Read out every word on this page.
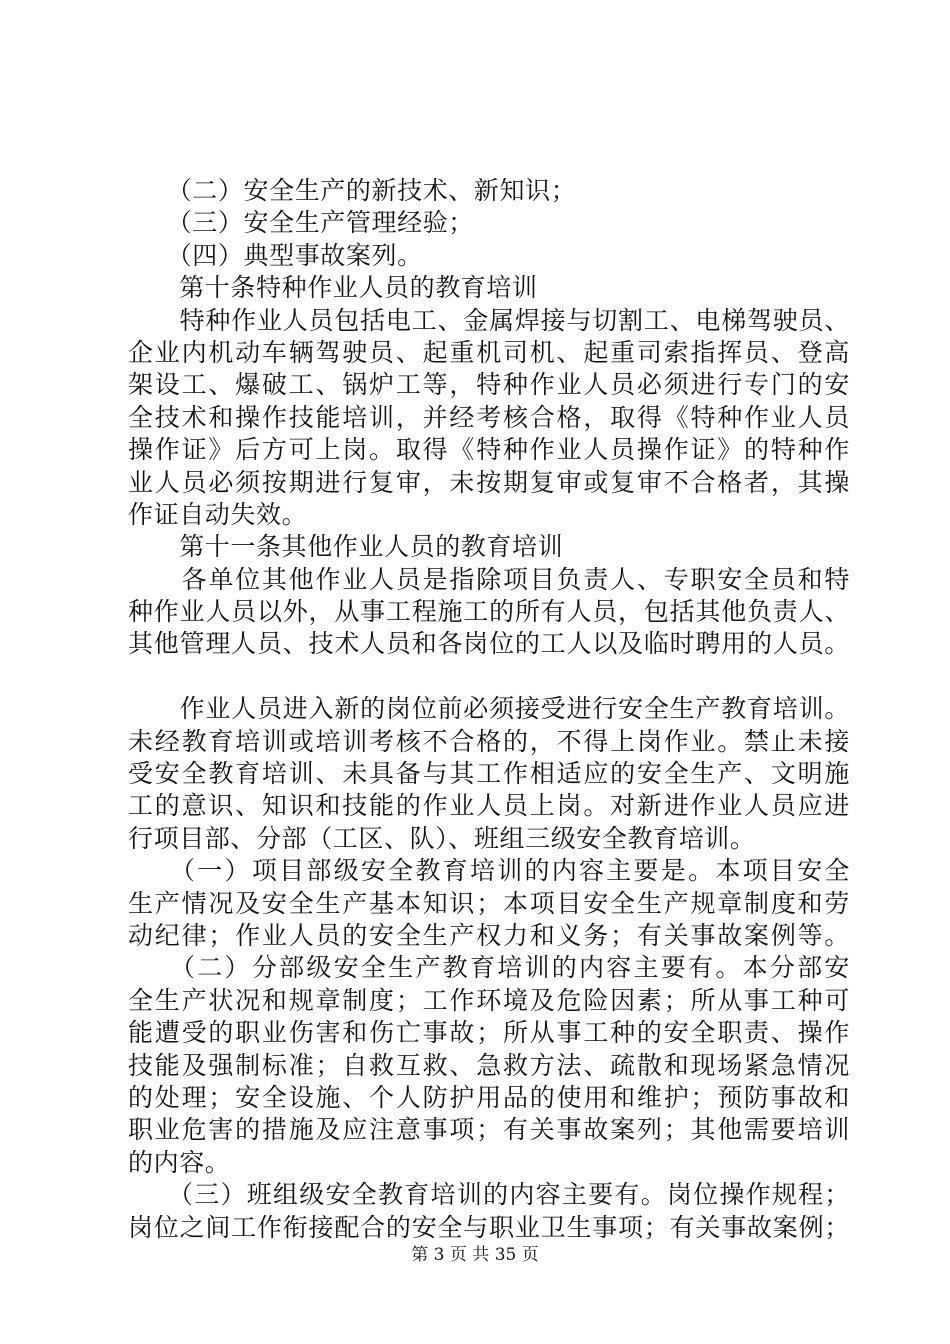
　　（二）安全生产的新技术、新知识；
　　（三）安全生产管理经验；
　　（四）典型事故案列。
　　第十条特种作业人员的教育培训
　　特种作业人员包括电工、金属焊接与切割工、电梯驾驶员、
企业内机动车辆驾驶员、起重机司机、起重司索指挥员、登高
架设工、爆破工、锅炉工等，特种作业人员必须进行专门的安
全技术和操作技能培训，并经考核合格，取得《特种作业人员
操作证》后方可上岗。取得《特种作业人员操作证》的特种作
业人员必须按期进行复审，未按期复审或复审不合格者，其操
作证自动失效。
　　第十一条其他作业人员的教育培训
　　各单位其他作业人员是指除项目负责人、专职安全员和特
种作业人员以外，从事工程施工的所有人员，包括其他负责人、
其他管理人员、技术人员和各岗位的工人以及临时聘用的人员。
　　作业人员进入新的岗位前必须接受进行安全生产教育培训。
未经教育培训或培训考核不合格的，不得上岗作业。禁止未接
受安全教育培训、未具备与其工作相适应的安全生产、文明施
工的意识、知识和技能的作业人员上岗。对新进作业人员应进
行项目部、分部（工区、队）、班组三级安全教育培训。
　　（一）项目部级安全教育培训的内容主要是。本项目安全
生产情况及安全生产基本知识；本项目安全生产规章制度和劳
动纪律；作业人员的安全生产权力和义务；有关事故案例等。
　　（二）分部级安全生产教育培训的内容主要有。本分部安
全生产状况和规章制度；工作环境及危险因素；所从事工种可
能遭受的职业伤害和伤亡事故；所从事工种的安全职责、操作
技能及强制标准；自救互救、急救方法、疏散和现场紧急情况
的处理；安全设施、个人防护用品的使用和维护；预防事故和
职业危害的措施及应注意事项；有关事故案列；其他需要培训
的内容。
　　（三）班组级安全教育培训的内容主要有。岗位操作规程；
岗位之间工作衔接配合的安全与职业卫生事项；有关事故案例；
第 3 页 共 35 页
